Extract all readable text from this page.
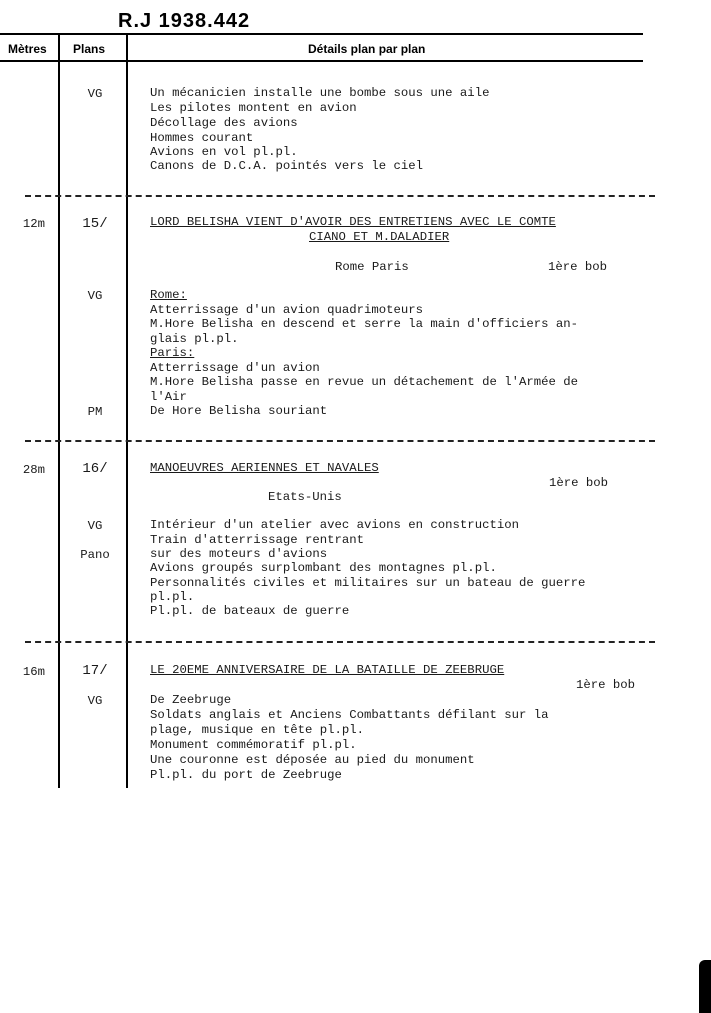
R.J 1938.442
Mètres Plans	Détails plan par plan
VG	Un mécanicien installe une bombe sous une aile
Les pilotes montent en avion
Décollage des avions
Hommes courant
Avions en vol pl.pl.
Canons de D.C.A. pointés vers le ciel
12m	15/	LORD BELISHA VIENT D'AVOIR DES ENTRETIENS AVEC LE COMTE
CIANO ET M.DALADIER
Rome Paris	1ère bob
VG	Rome:
Atterrissage d'un avion quadrimoteurs
M.Hore Belisha en descend et serre la main d'officiers an-
glais pl.pl.
Paris:
Atterrissage d'un avion
M.Hore Belisha passe en revue un détachement de l'Armée de
l'Air
PM	De Hore Belisha souriant
28m	16/	MANOEUVRES AERIENNES ET NAVALES
1ère bob
Etats-Unis
VG	Intérieur d'un atelier avec avions en construction
Train d'atterrissage rentrant
Pano	sur des moteurs d'avions
Avions groupés surplombant des montagnes pl.pl.
Personnalités civiles et militaires sur un bateau de guerre
pl.pl.
Pl.pl. de bateaux de guerre
16m	17/	LE 20EME ANNIVERSAIRE DE LA BATAILLE DE ZEEBRUGE
1ère bob
VG	De Zeebruge
Soldats anglais et Anciens Combattants défilant sur la
plage, musique en tête pl.pl.
Monument commémoratif pl.pl.
Une couronne est déposée au pied du monument
Pl.pl. du port de Zeebruge
